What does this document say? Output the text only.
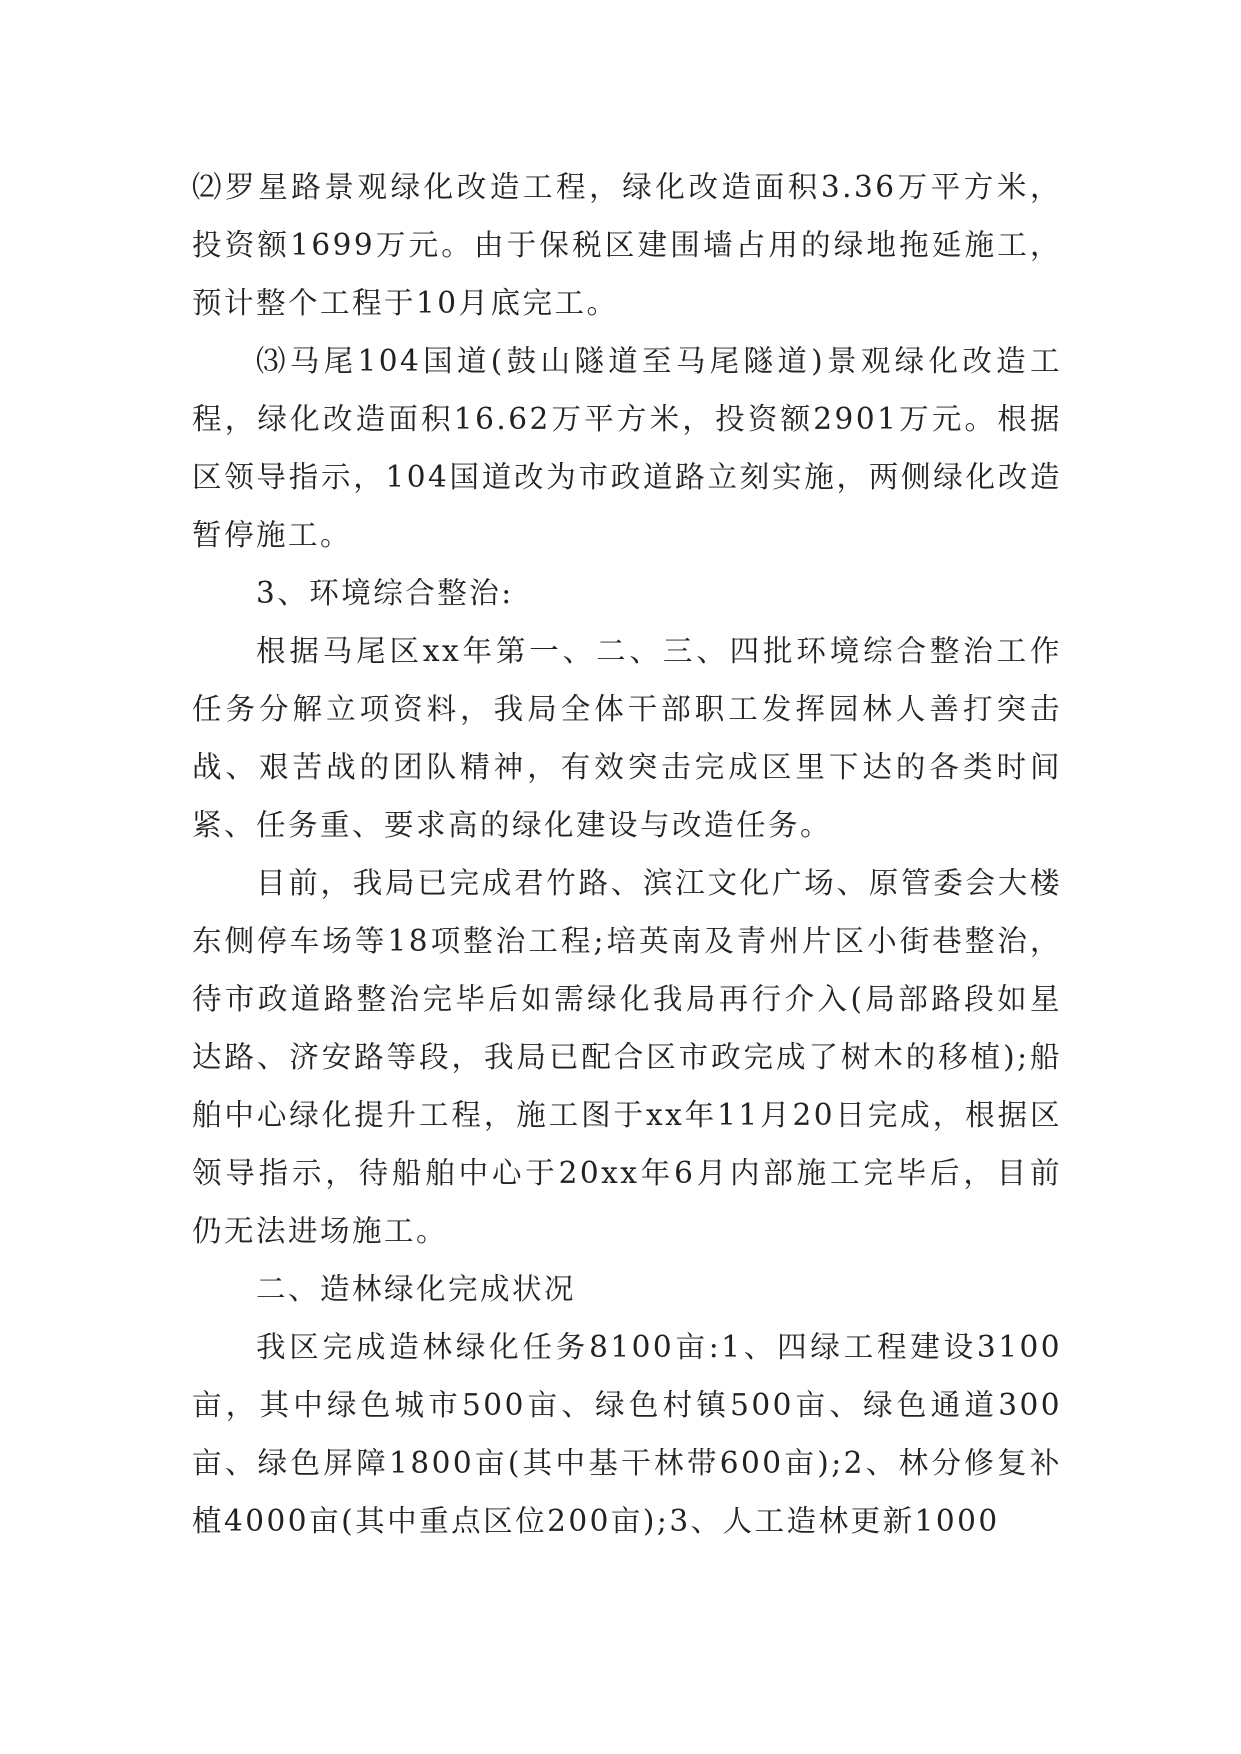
⑵罗星路景观绿化改造工程，绿化改造面积3.36万平方米，投资额1699万元。由于保税区建围墙占用的绿地拖延施工，预计整个工程于10月底完工。

⑶马尾104国道(鼓山隧道至马尾隧道)景观绿化改造工程，绿化改造面积16.62万平方米，投资额2901万元。根据区领导指示，104国道改为市政道路立刻实施，两侧绿化改造暂停施工。

3、环境综合整治:

根据马尾区xx年第一、二、三、四批环境综合整治工作任务分解立项资料，我局全体干部职工发挥园林人善打突击战、艰苦战的团队精神，有效突击完成区里下达的各类时间紧、任务重、要求高的绿化建设与改造任务。

目前，我局已完成君竹路、滨江文化广场、原管委会大楼东侧停车场等18项整治工程;培英南及青州片区小街巷整治，待市政道路整治完毕后如需绿化我局再行介入(局部路段如星达路、济安路等段，我局已配合区市政完成了树木的移植);船舶中心绿化提升工程，施工图于xx年11月20日完成，根据区领导指示，待船舶中心于20xx年6月内部施工完毕后，目前仍无法进场施工。

二、造林绿化完成状况

我区完成造林绿化任务8100亩:1、四绿工程建设3100亩，其中绿色城市500亩、绿色村镇500亩、绿色通道300亩、绿色屏障1800亩(其中基干林带600亩);2、林分修复补植4000亩(其中重点区位200亩);3、人工造林更新1000
